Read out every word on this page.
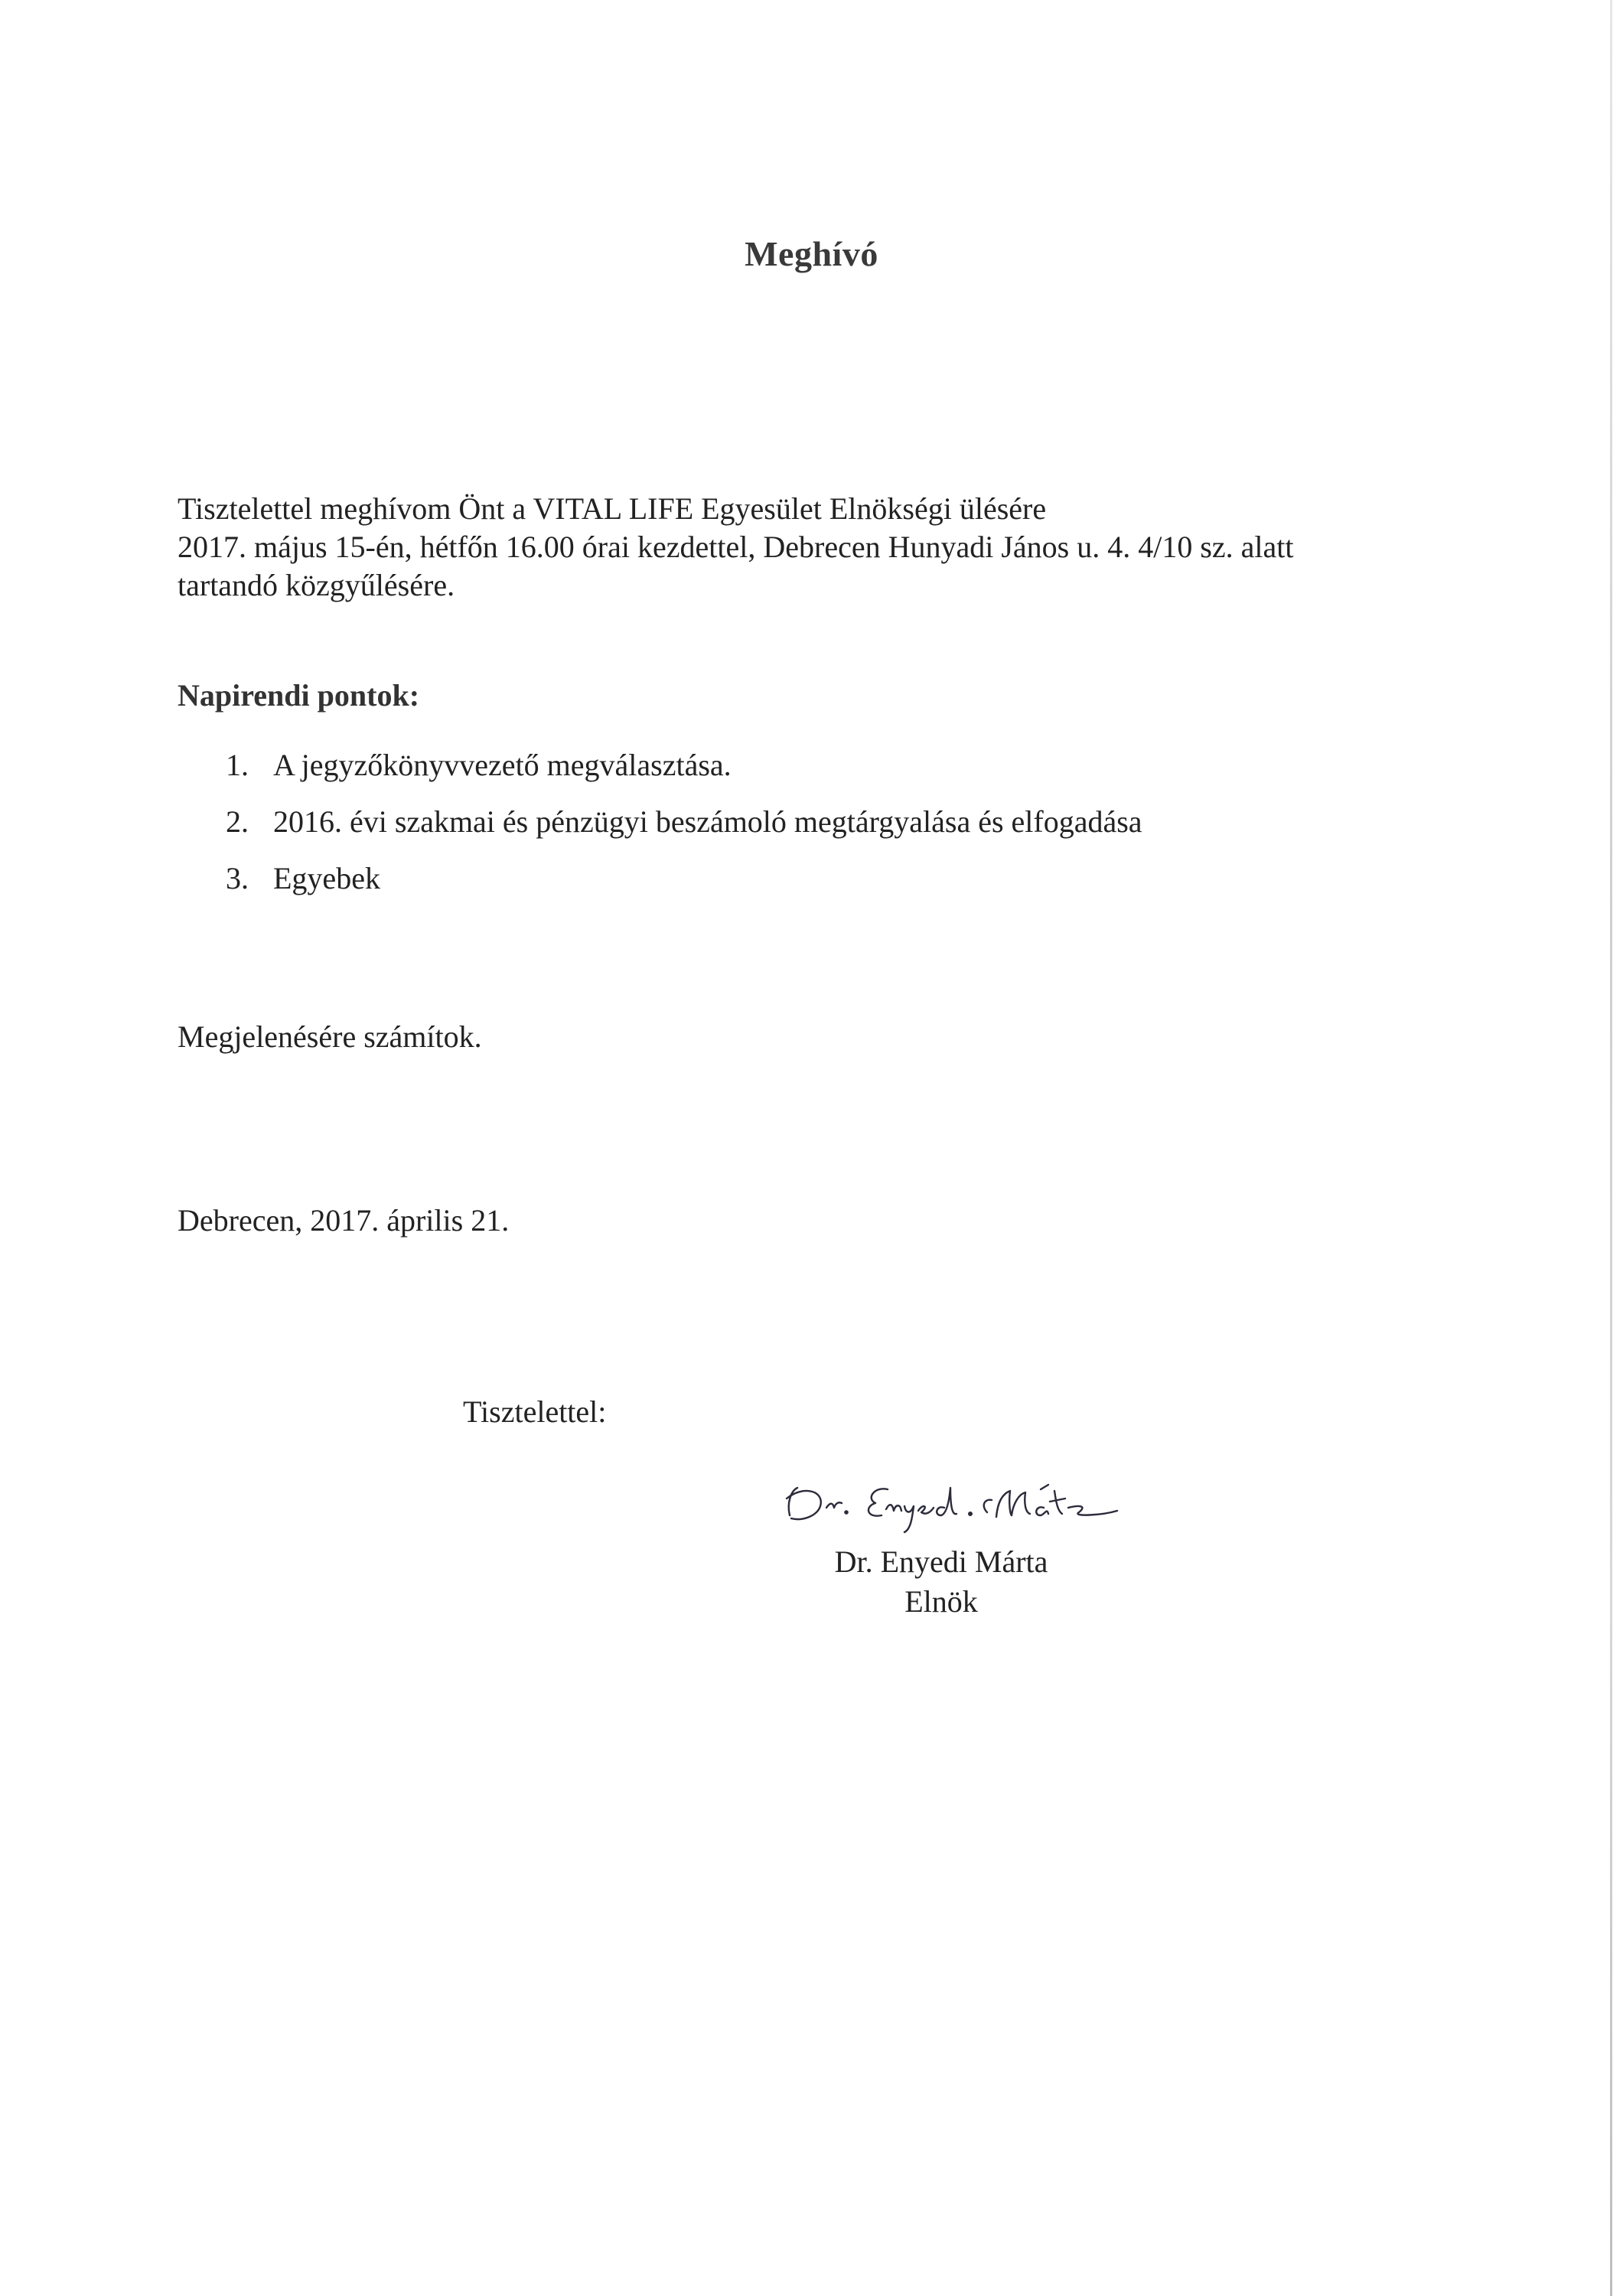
Meghívó
Tisztelettel meghívom Önt a VITAL LIFE Egyesület Elnökségi ülésére
2017. május 15-én, hétfőn 16.00 órai kezdettel, Debrecen Hunyadi János u. 4. 4/10 sz. alatt
tartandó közgyűlésére.
Napirendi pontok:
1. A jegyzőkönyvvezető megválasztása.
2. 2016. évi szakmai és pénzügyi beszámoló megtárgyalása és elfogadása
3. Egyebek
Megjelenésére számítok.
Debrecen, 2017. április 21.
Tisztelettel:
Dr. Enyedi Márta
Elnök
